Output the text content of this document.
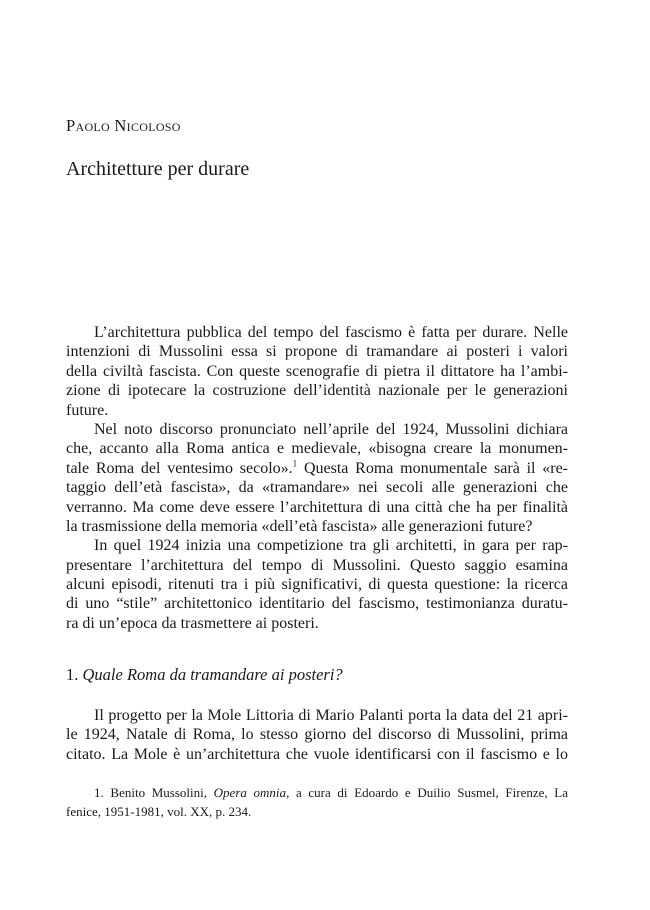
Paolo Nicoloso
Architetture per durare
L’architettura pubblica del tempo del fascismo è fatta per durare. Nelle
intenzioni di Mussolini essa si propone di tramandare ai posteri i valori
della civiltà fascista. Con queste scenografie di pietra il dittatore ha l’ambi-
zione di ipotecare la costruzione dell’identità nazionale per le generazioni
future.
Nel noto discorso pronunciato nell’aprile del 1924, Mussolini dichiara
che, accanto alla Roma antica e medievale, «bisogna creare la monumen-
tale Roma del ventesimo secolo».$^1$ Questa Roma monumentale sarà il «re-
taggio dell’età fascista», da «tramandare» nei secoli alle generazioni che
verranno. Ma come deve essere l’architettura di una città che ha per finalità
la trasmissione della memoria «dell’età fascista» alle generazioni future?
In quel 1924 inizia una competizione tra gli architetti, in gara per rap-
presentare l’architettura del tempo di Mussolini. Questo saggio esamina
alcuni episodi, ritenuti tra i più significativi, di questa questione: la ricerca
di uno “stile” architettonico identitario del fascismo, testimonianza duratu-
ra di un’epoca da trasmettere ai posteri.
1. Quale Roma da tramandare ai posteri?
Il progetto per la Mole Littoria di Mario Palanti porta la data del 21 apri-
le 1924, Natale di Roma, lo stesso giorno del discorso di Mussolini, prima
citato. La Mole è un’architettura che vuole identificarsi con il fascismo e lo
1. Benito Mussolini, Opera omnia, a cura di Edoardo e Duilio Susmel, Firenze, La
fenice, 1951-1981, vol. XX, p. 234.
